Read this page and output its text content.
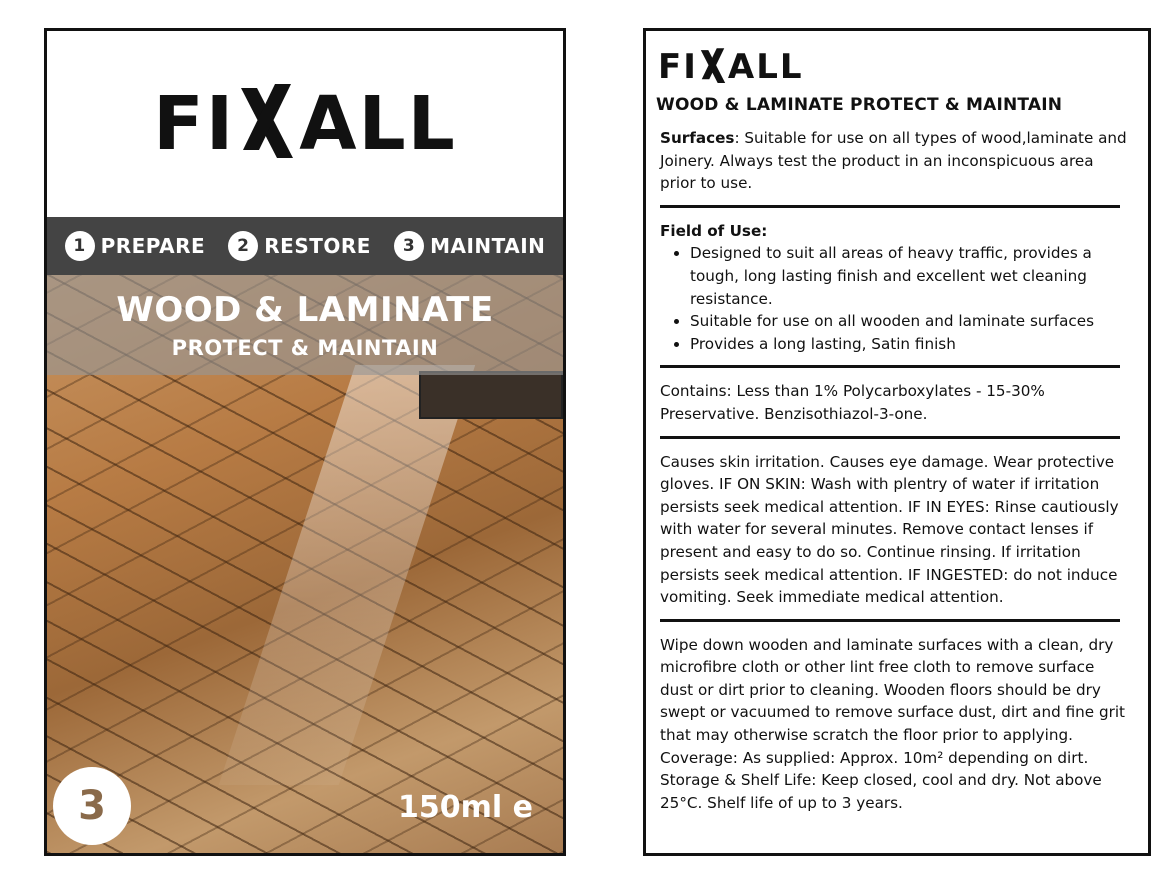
FI ALL
1 PREPARE	2 RESTORE	3 MAINTAIN
WOOD & LAMINATE
PROTECT & MAINTAIN
3	150ml e
FI ALL
WOOD & LAMINATE PROTECT & MAINTAIN

Surfaces: Suitable for use on all types of wood,laminate and Joinery. Always test the product in an inconspicuous area prior to use.

Field of Use:

• Designed to suit all areas of heavy traffic, provides a tough, long lasting finish and excellent wet cleaning resistance.
• Suitable for use on all wooden and laminate surfaces
• Provides a long lasting, Satin finish

Contains: Less than 1% Polycarboxylates - 15-30% Preservative. Benzisothiazol-3-one.

Causes skin irritation. Causes eye damage. Wear protective gloves. IF ON SKIN: Wash with plentry of water if irritation persists seek medical attention. IF IN EYES: Rinse cautiously with water for several minutes. Remove contact lenses if present and easy to do so. Continue rinsing. If irritation persists seek medical attention. IF INGESTED: do not induce vomiting. Seek immediate medical attention.

Wipe down wooden and laminate surfaces with a clean, dry microfibre cloth or other lint free cloth to remove surface dust or dirt prior to cleaning. Wooden floors should be dry swept or vacuumed to remove surface dust, dirt and fine grit that may otherwise scratch the floor prior to applying.

Coverage: As supplied: Approx. 10m² depending on dirt.

Storage & Shelf Life: Keep closed, cool and dry. Not above 25°C. Shelf life of up to 3 years.
